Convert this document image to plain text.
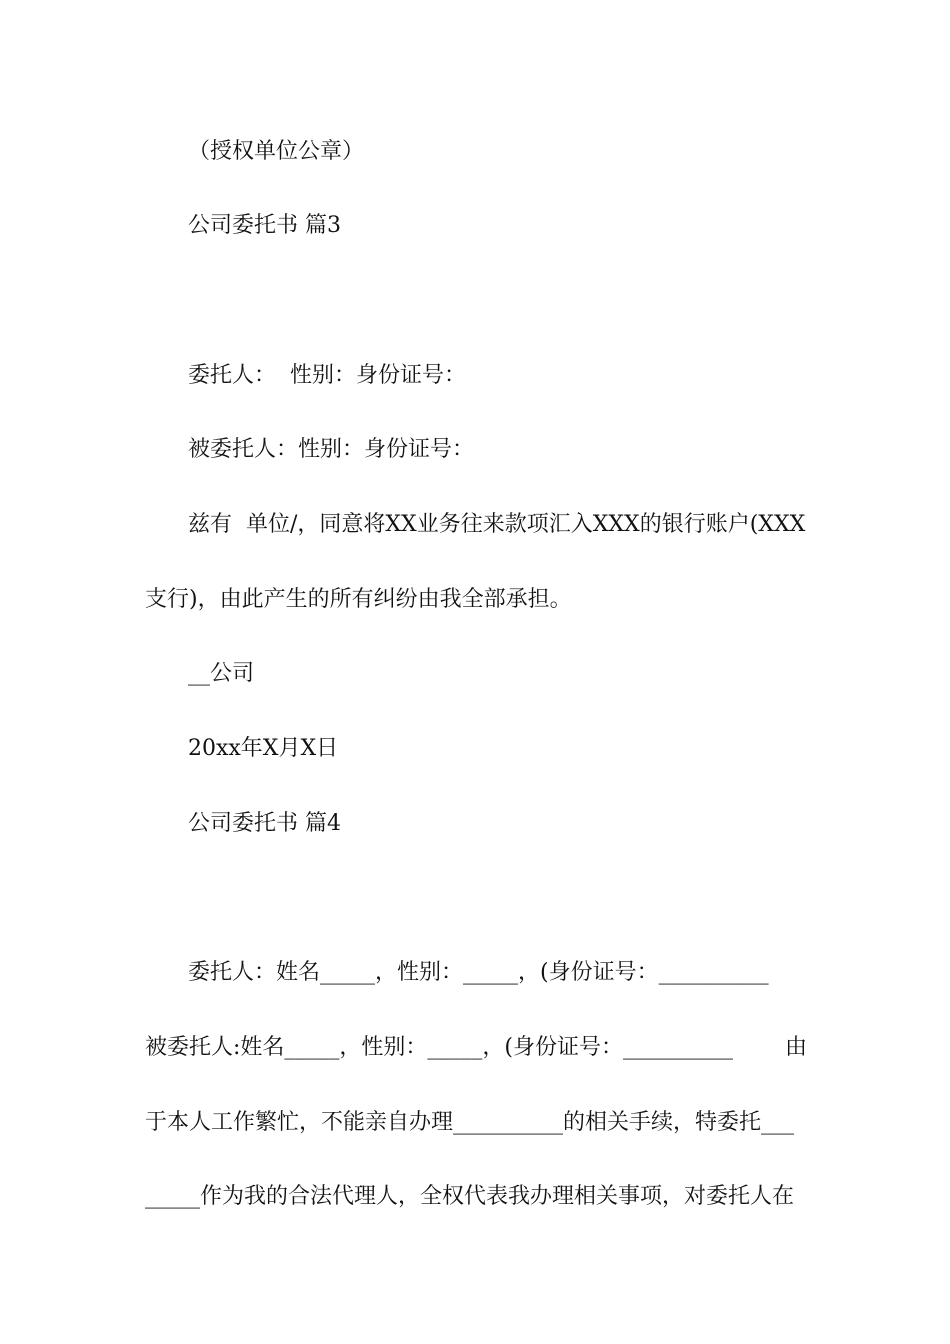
（授权单位公章）
公司委托书 篇3
委托人：  性别：身份证号：
被委托人：性别：身份证号：
兹有  单位/，同意将XX业务往来款项汇入XXX的银行账户(XXX
支行)，由此产生的所有纠纷由我全部承担。
__公司
20xx年X月X日
公司委托书 篇4
委托人：姓名_____，性别：_____，(身份证号：__________
被委托人:姓名_____，性别：_____，(身份证号：__________ 由
于本人工作繁忙，不能亲自办理__________的相关手续，特委托___
_____作为我的合法代理人，全权代表我办理相关事项，对委托人在
